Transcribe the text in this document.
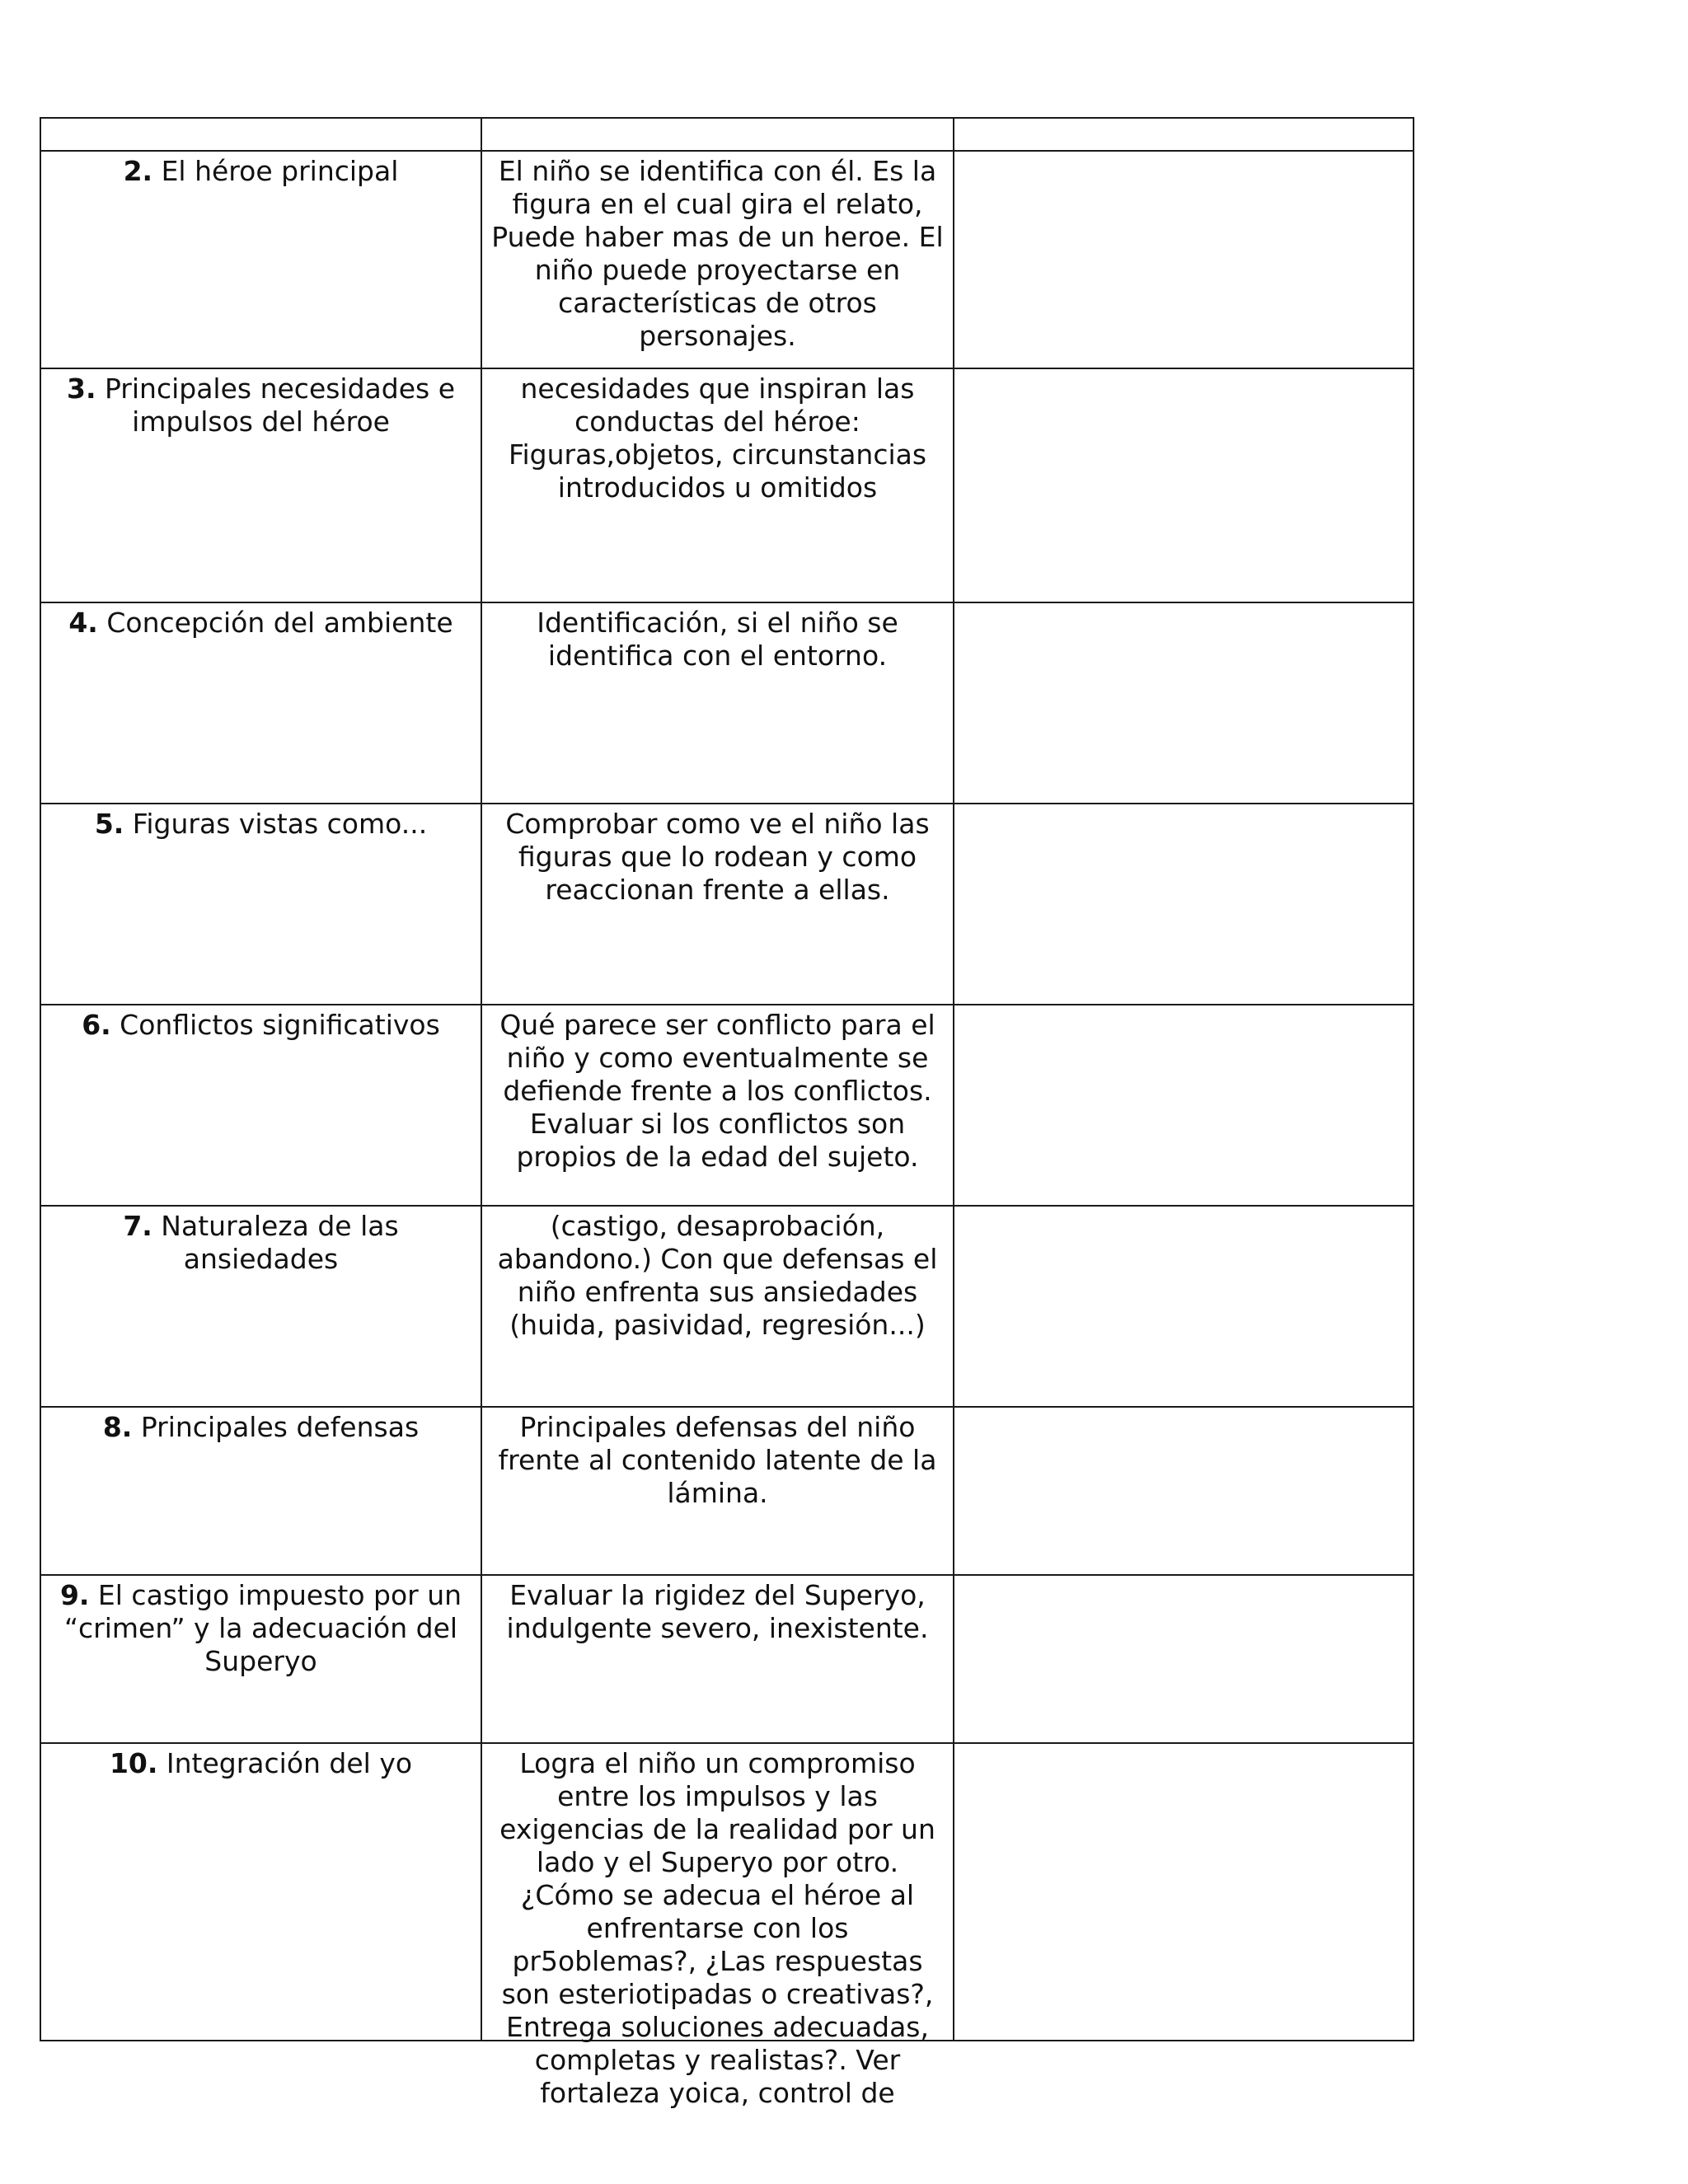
2. El héroe principal	El niño se identifica con él. Es la figura en el cual gira el relato, Puede haber mas de un heroe. El niño puede proyectarse en características de otros personajes.	
3. Principales necesidades e impulsos del héroe	necesidades que inspiran las conductas del héroe: Figuras,objetos, circunstancias introducidos u omitidos	
4. Concepción del ambiente	Identificación, si el niño se identifica con el entorno.	
5. Figuras vistas como...	Comprobar como ve el niño las figuras que lo rodean y como reaccionan frente a ellas.	
6. Conflictos significativos	Qué parece ser conflicto para el niño y como eventualmente se defiende frente a los conflictos. Evaluar si los conflictos son propios de la edad del sujeto.	
7. Naturaleza de las ansiedades	(castigo, desaprobación, abandono.) Con que defensas el niño enfrenta sus ansiedades (huida, pasividad, regresión...)	
8. Principales defensas	Principales defensas del niño frente al contenido latente de la lámina.	
9. El castigo impuesto por un “crimen” y la adecuación del Superyo	Evaluar la rigidez del Superyo, indulgente severo, inexistente.	
10. Integración del yo	Logra el niño un compromiso entre los impulsos y las exigencias de la realidad por un lado y el Superyo por otro. ¿Cómo se adecua el héroe al enfrentarse con los pr5oblemas?, ¿Las respuestas son esteriotipadas o creativas?, Entrega soluciones adecuadas, completas y realistas?. Ver fortaleza yoica, control de	
